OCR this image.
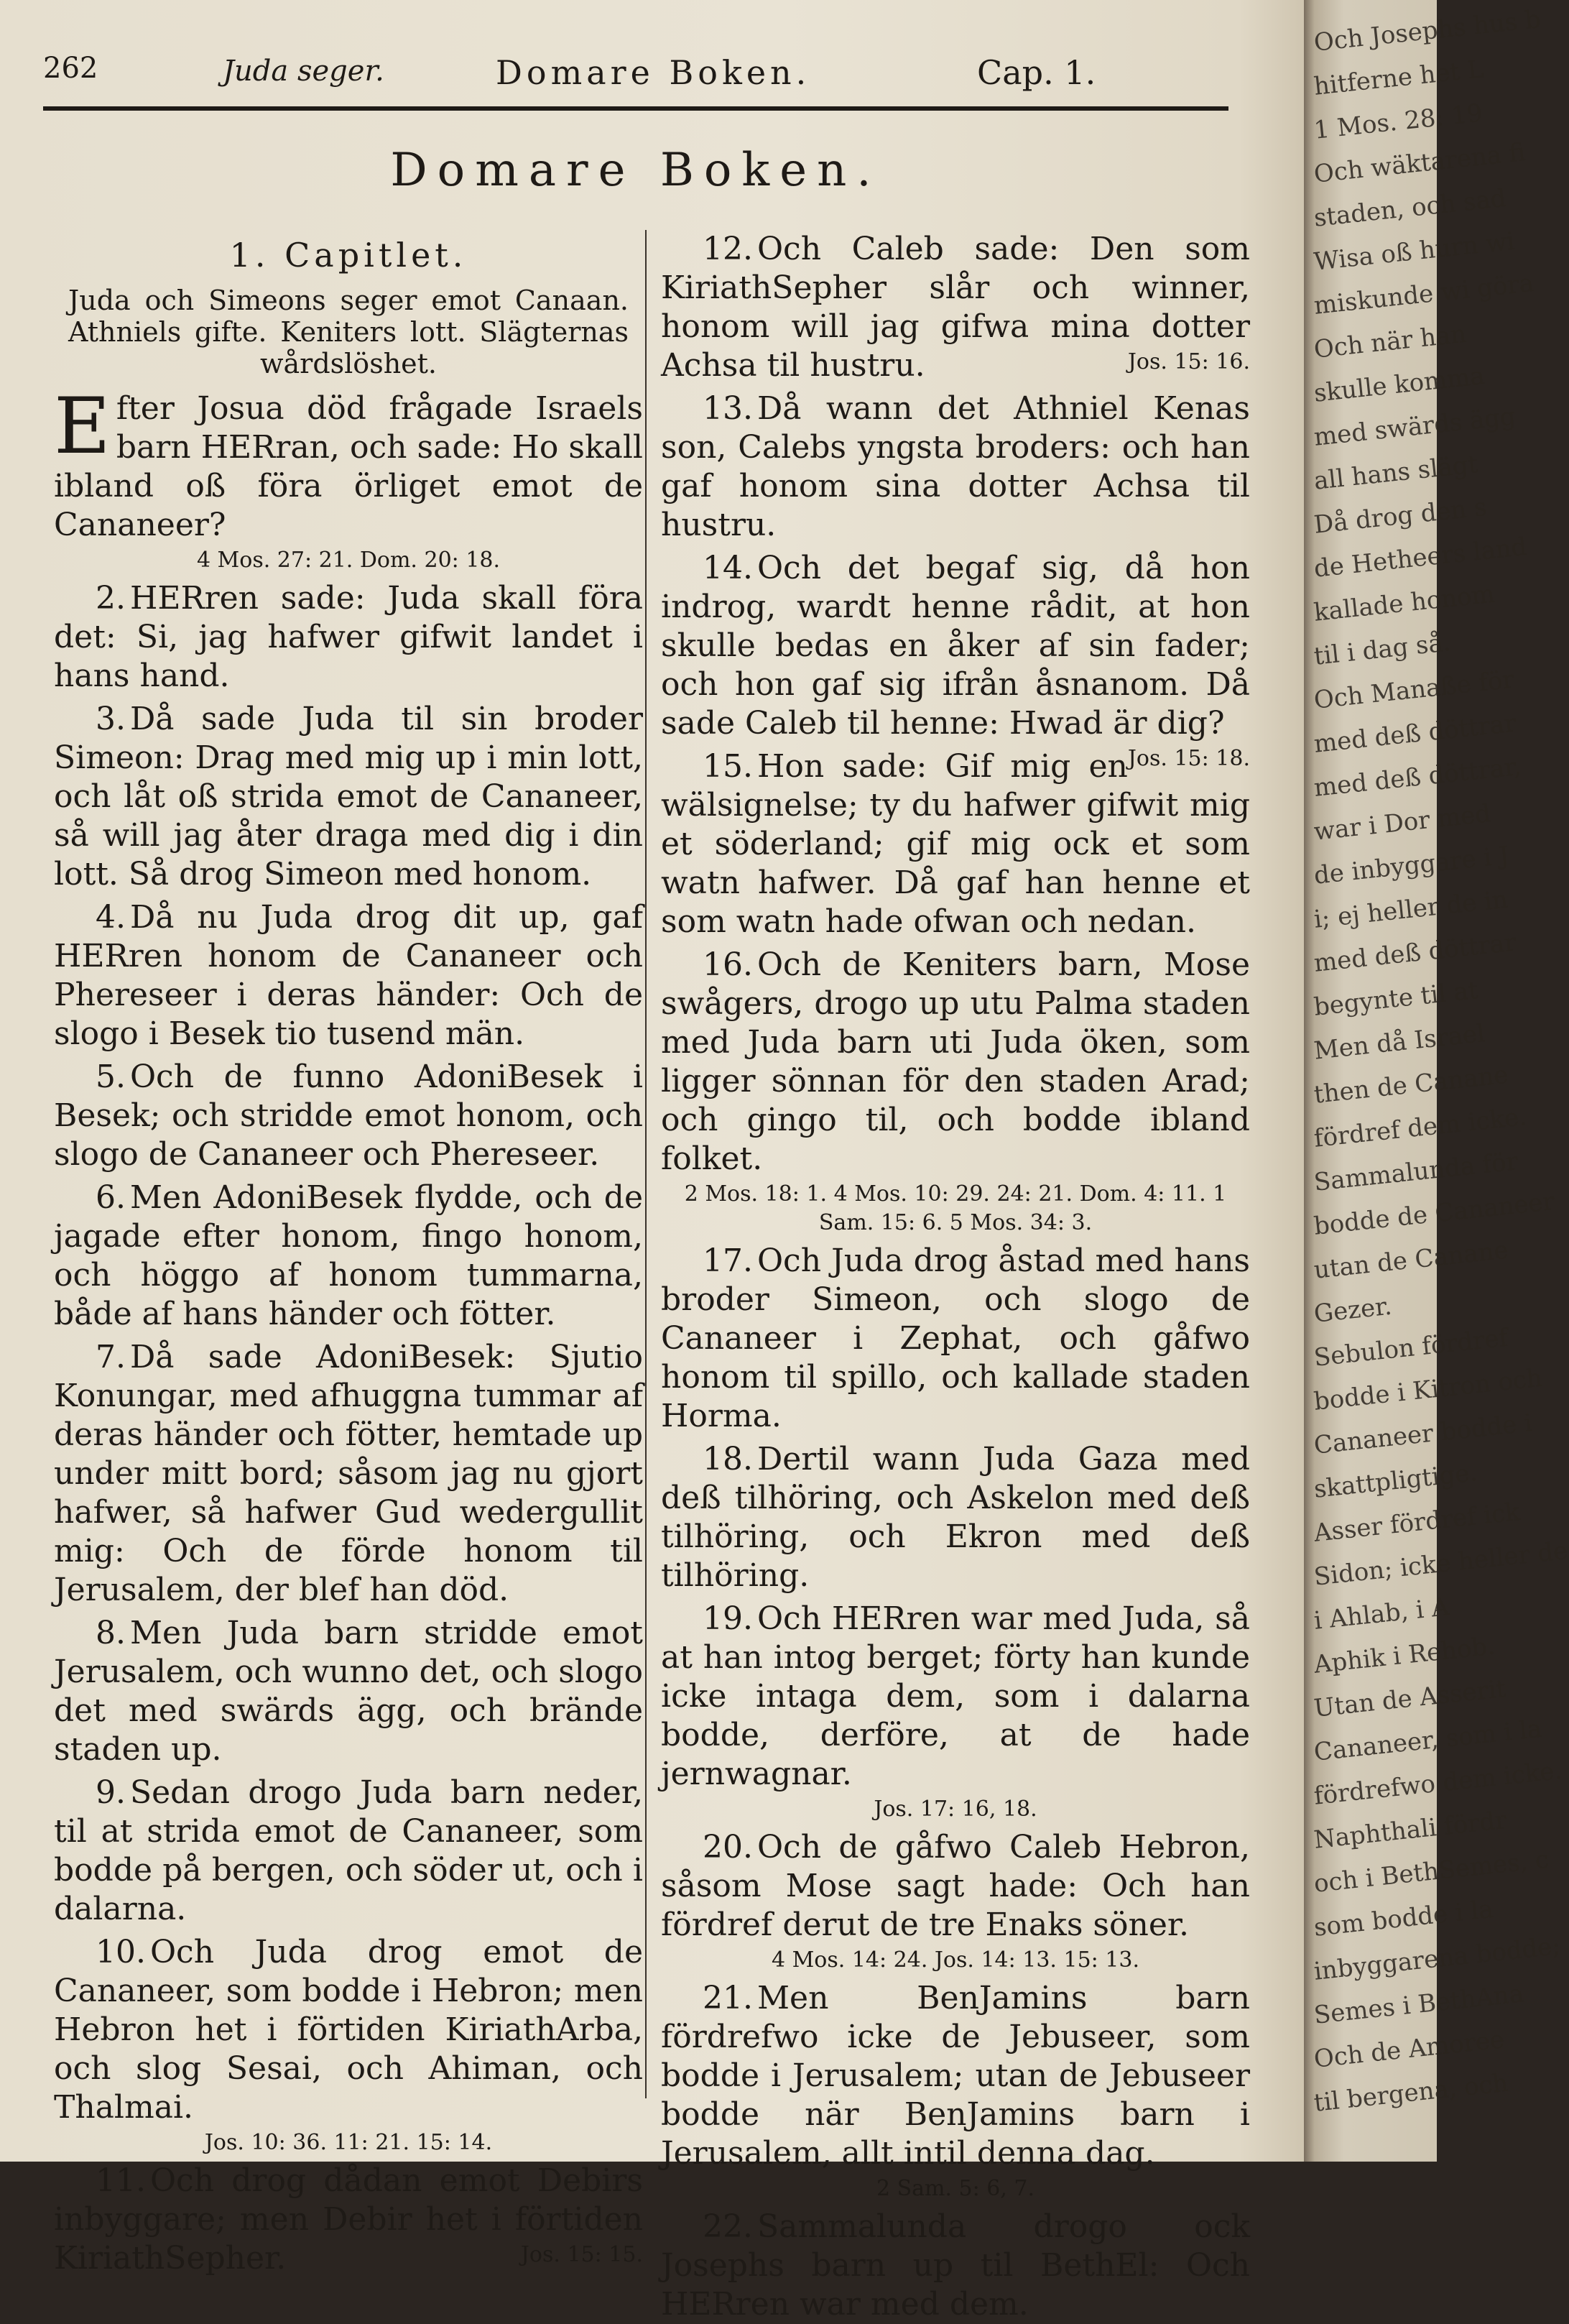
262	Juda seger.	Domare Boken.	Cap. 1.
Domare Boken.
1. Capitlet.
Juda och Simeons seger emot Canaan. Athniels gifte. Keniters lott. Slägternas wårdslöshet.
Efter Josua död frågade Israels barn HERran, och sade: Ho skall ibland oß föra örliget emot de Cananeer?
4 Mos. 27: 21. Dom. 20: 18.
2. HERren sade: Juda skall föra det: Si, jag hafwer gifwit landet i hans hand.
3. Då sade Juda til sin broder Simeon: Drag med mig up i min lott, och låt oß strida emot de Cananeer, så will jag åter draga med dig i din lott. Så drog Simeon med honom.
4. Då nu Juda drog dit up, gaf HERren honom de Cananeer och Phereseer i deras händer: Och de slogo i Besek tio tusend män.
5. Och de funno AdoniBesek i Besek; och stridde emot honom, och slogo de Cananeer och Phereseer.
6. Men AdoniBesek flydde, och de jagade efter honom, fingo honom, och höggo af honom tummarna, både af hans händer och fötter.
7. Då sade AdoniBesek: Sjutio Konungar, med afhuggna tummar af deras händer och fötter, hemtade up under mitt bord; såsom jag nu gjort hafwer, så hafwer Gud wedergullit mig: Och de förde honom til Jerusalem, der blef han död.
8. Men Juda barn stridde emot Jerusalem, och wunno det, och slogo det med swärds ägg, och brände staden up.
9. Sedan drogo Juda barn neder, til at strida emot de Cananeer, som bodde på bergen, och söder ut, och i dalarna.
10. Och Juda drog emot de Cananeer, som bodde i Hebron; men Hebron het i förtiden KiriathArba, och slog Sesai, och Ahiman, och Thalmai.
Jos. 10: 36. 11: 21. 15: 14.
11. Och drog dådan emot Debirs inbyggare; men Debir het i förtiden KiriathSepher.	Jos. 15: 15.
12. Och Caleb sade: Den som KiriathSepher slår och winner, honom will jag gifwa mina dotter Achsa til hustru.	Jos. 15: 16.
13. Då wann det Athniel Kenas son, Calebs yngsta broders: och han gaf honom sina dotter Achsa til hustru.
14. Och det begaf sig, då hon indrog, wardt henne rådit, at hon skulle bedas en åker af sin fader; och hon gaf sig ifrån åsnanom. Då sade Caleb til henne: Hwad är dig?
Jos. 15: 18.
15. Hon sade: Gif mig en wälsignelse; ty du hafwer gifwit mig et söderland; gif mig ock et som watn hafwer. Då gaf han henne et som watn hade ofwan och nedan.
16. Och de Keniters barn, Mose swågers, drogo up utu Palma staden med Juda barn uti Juda öken, som ligger sönnan för den staden Arad; och gingo til, och bodde ibland folket.
2 Mos. 18: 1. 4 Mos. 10: 29. 24: 21. Dom. 4: 11. 1 Sam. 15: 6. 5 Mos. 34: 3.
17. Och Juda drog åstad med hans broder Simeon, och slogo de Cananeer i Zephat, och gåfwo honom til spillo, och kallade staden Horma.
18. Dertil wann Juda Gaza med deß tilhöring, och Askelon med deß tilhöring, och Ekron med deß tilhöring.
19. Och HERren war med Juda, så at han intog berget; förty han kunde icke intaga dem, som i dalarna bodde, derföre, at de hade jernwagnar.
Jos. 17: 16, 18.
20. Och de gåfwo Caleb Hebron, såsom Mose sagt hade: Och han fördref derut de tre Enaks söner.
4 Mos. 14: 24. Jos. 14: 13. 15: 13.
21. Men BenJamins barn fördrefwo icke de Jebuseer, som bodde i Jerusalem; utan de Jebuseer bodde när BenJamins barn i Jerusalem, allt intil denna dag.
2 Sam. 5: 6, 7.
22. Sammalunda drogo ock Josephs barn up til BethEl: Och HERren war med dem.
Och Josephs hus b
hitferne het L
1 Mos. 28: 19
Och wäktarena fi
staden, och sad
Wisa oß hurn wi
miskunde wi göra
Och när han
skulle komma
med swärds ägg
all hans slägt
Då drog den s
de Hetheers land
kallade honom
til i dag så.
Och Manaße för
med deß döttrar
med deß döttrar,
war i Dor med
de inbyggare i J
i; ej heller de in
med deß döttrar
begynte til at
Men då Israel
then de Canane
fördref dem icke.
Sammalunda för
bodde de Cananeer
utan de Canane
Gezer.
Sebulon fördref
bodde i Kitron och
Cananeer bodde i
skattpligtige.
Asser fördref ick
Sidon; icke heller de
i Ahlab, i A
Aphik i Rehob.
Utan de Asserit
Cananeer, som i la
fördrefwo dem icke.
Naphthali fördr
och i BethSemes, c
som bodde i la
inbyggarena bodde;
Semes i BethAna
Och de Amoree
til bergena, och
